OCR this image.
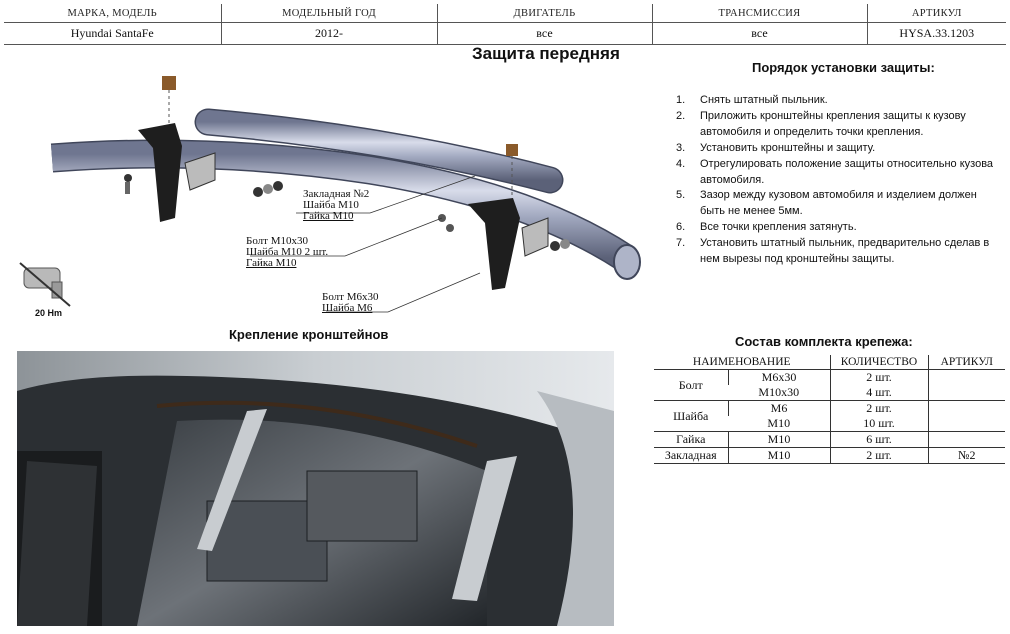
МАРКА, МОДЕЛЬ	МОДЕЛЬНЫЙ ГОД	ДВИГАТЕЛЬ	ТРАНСМИССИЯ	АРТИКУЛ
Hyundai SantaFe	2012-	все	все	HYSA.33.1203
Защита передняя
Закладная №2
Шайба М10
Гайка М10
Болт М10х30
Шайба М10 2 шт.
Гайка М10
Болт М6х30
Шайба М6
20 Hm
Порядок установки защиты:
1.	Снять штатный пыльник.
2.	Приложить кронштейны крепления защиты к кузову автомобиля и определить точки крепления.
3.	Установить кронштейны и защиту.
4.	Отрегулировать положение защиты относительно кузова автомобиля.
5.	Зазор между кузовом автомобиля и изделием должен быть не менее 5мм.
6.	Все точки крепления затянуть.
7.	Установить штатный пыльник, предварительно сделав в нем вырезы под кронштейны защиты.
Крепление кронштейнов	Состав комплекта крепежа:
НАИМЕНОВАНИЕ		КОЛИЧЕСТВО	АРТИКУЛ
Болт	М6х30	2 шт.	
	М10х30	4 шт.	
Шайба	М6	2 шт.	
	М10	10 шт.	
Гайка	М10	6 шт.	
Закладная	М10	2 шт.	№2
